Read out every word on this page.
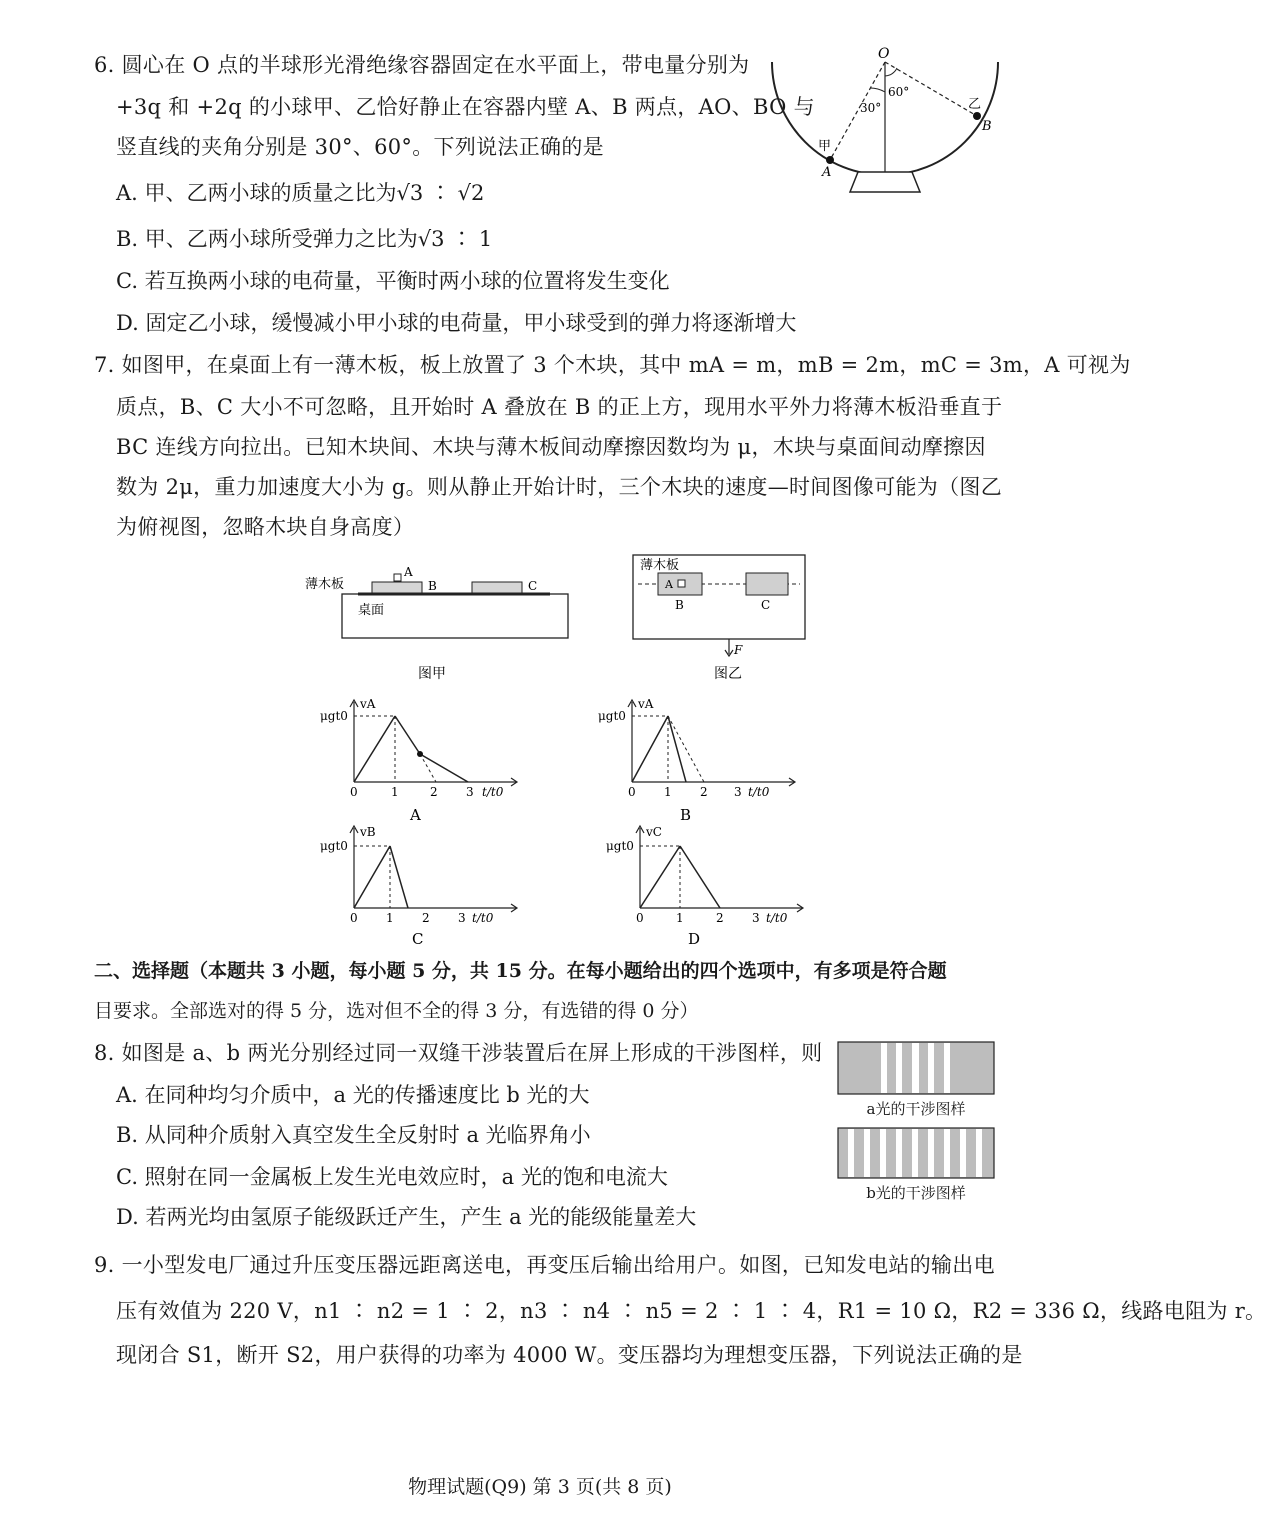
6. 圆心在 O 点的半球形光滑绝缘容器固定在水平面上，带电量分别为
+3q 和 +2q 的小球甲、乙恰好静止在容器内壁 A、B 两点，AO、BO 与
竖直线的夹角分别是 30°、60°。下列说法正确的是
A. 甲、乙两小球的质量之比为√3 ∶ √2
B. 甲、乙两小球所受弹力之比为√3 ∶ 1
C. 若互换两小球的电荷量，平衡时两小球的位置将发生变化
D. 固定乙小球，缓慢减小甲小球的电荷量，甲小球受到的弹力将逐渐增大
O
60°
30°
甲
A
乙
B
7. 如图甲，在桌面上有一薄木板，板上放置了 3 个木块，其中 mA = m，mB = 2m，mC = 3m，A 可视为
质点，B、C 大小不可忽略，且开始时 A 叠放在 B 的正上方，现用水平外力将薄木板沿垂直于
BC 连线方向拉出。已知木块间、木块与薄木板间动摩擦因数均为 μ，木块与桌面间动摩擦因
数为 2μ，重力加速度大小为 g。则从静止开始计时，三个木块的速度—时间图像可能为（图乙
为俯视图，忽略木块自身高度）
薄木板
A
B	C
桌面
图甲
薄木板
A
B	C
F
图乙
μgt0
vA
0	1	2 3 t/t0
A
μgt0
vA
0 1 2 3 t/t0
B
μgt0
vB
0 1 2 3 t/t0
C
μgt0
vC
0	1	2 3 t/t0
D
二、选择题（本题共 3 小题，每小题 5 分，共 15 分。在每小题给出的四个选项中，有多项是符合题
目要求。全部选对的得 5 分，选对但不全的得 3 分，有选错的得 0 分）
8. 如图是 a、b 两光分别经过同一双缝干涉装置后在屏上形成的干涉图样，则
A. 在同种均匀介质中，a 光的传播速度比 b 光的大
B. 从同种介质射入真空发生全反射时 a 光临界角小
C. 照射在同一金属板上发生光电效应时，a 光的饱和电流大
D. 若两光均由氢原子能级跃迁产生，产生 a 光的能级能量差大
a光的干涉图样
b光的干涉图样
9. 一小型发电厂通过升压变压器远距离送电，再变压后输出给用户。如图，已知发电站的输出电
压有效值为 220 V，n1 ∶ n2 = 1 ∶ 2，n3 ∶ n4 ∶ n5 = 2 ∶ 1 ∶ 4，R1 = 10 Ω，R2 = 336 Ω，线路电阻为 r。
现闭合 S1，断开 S2，用户获得的功率为 4000 W。变压器均为理想变压器，下列说法正确的是
物理试题(Q9) 第 3 页(共 8 页)
